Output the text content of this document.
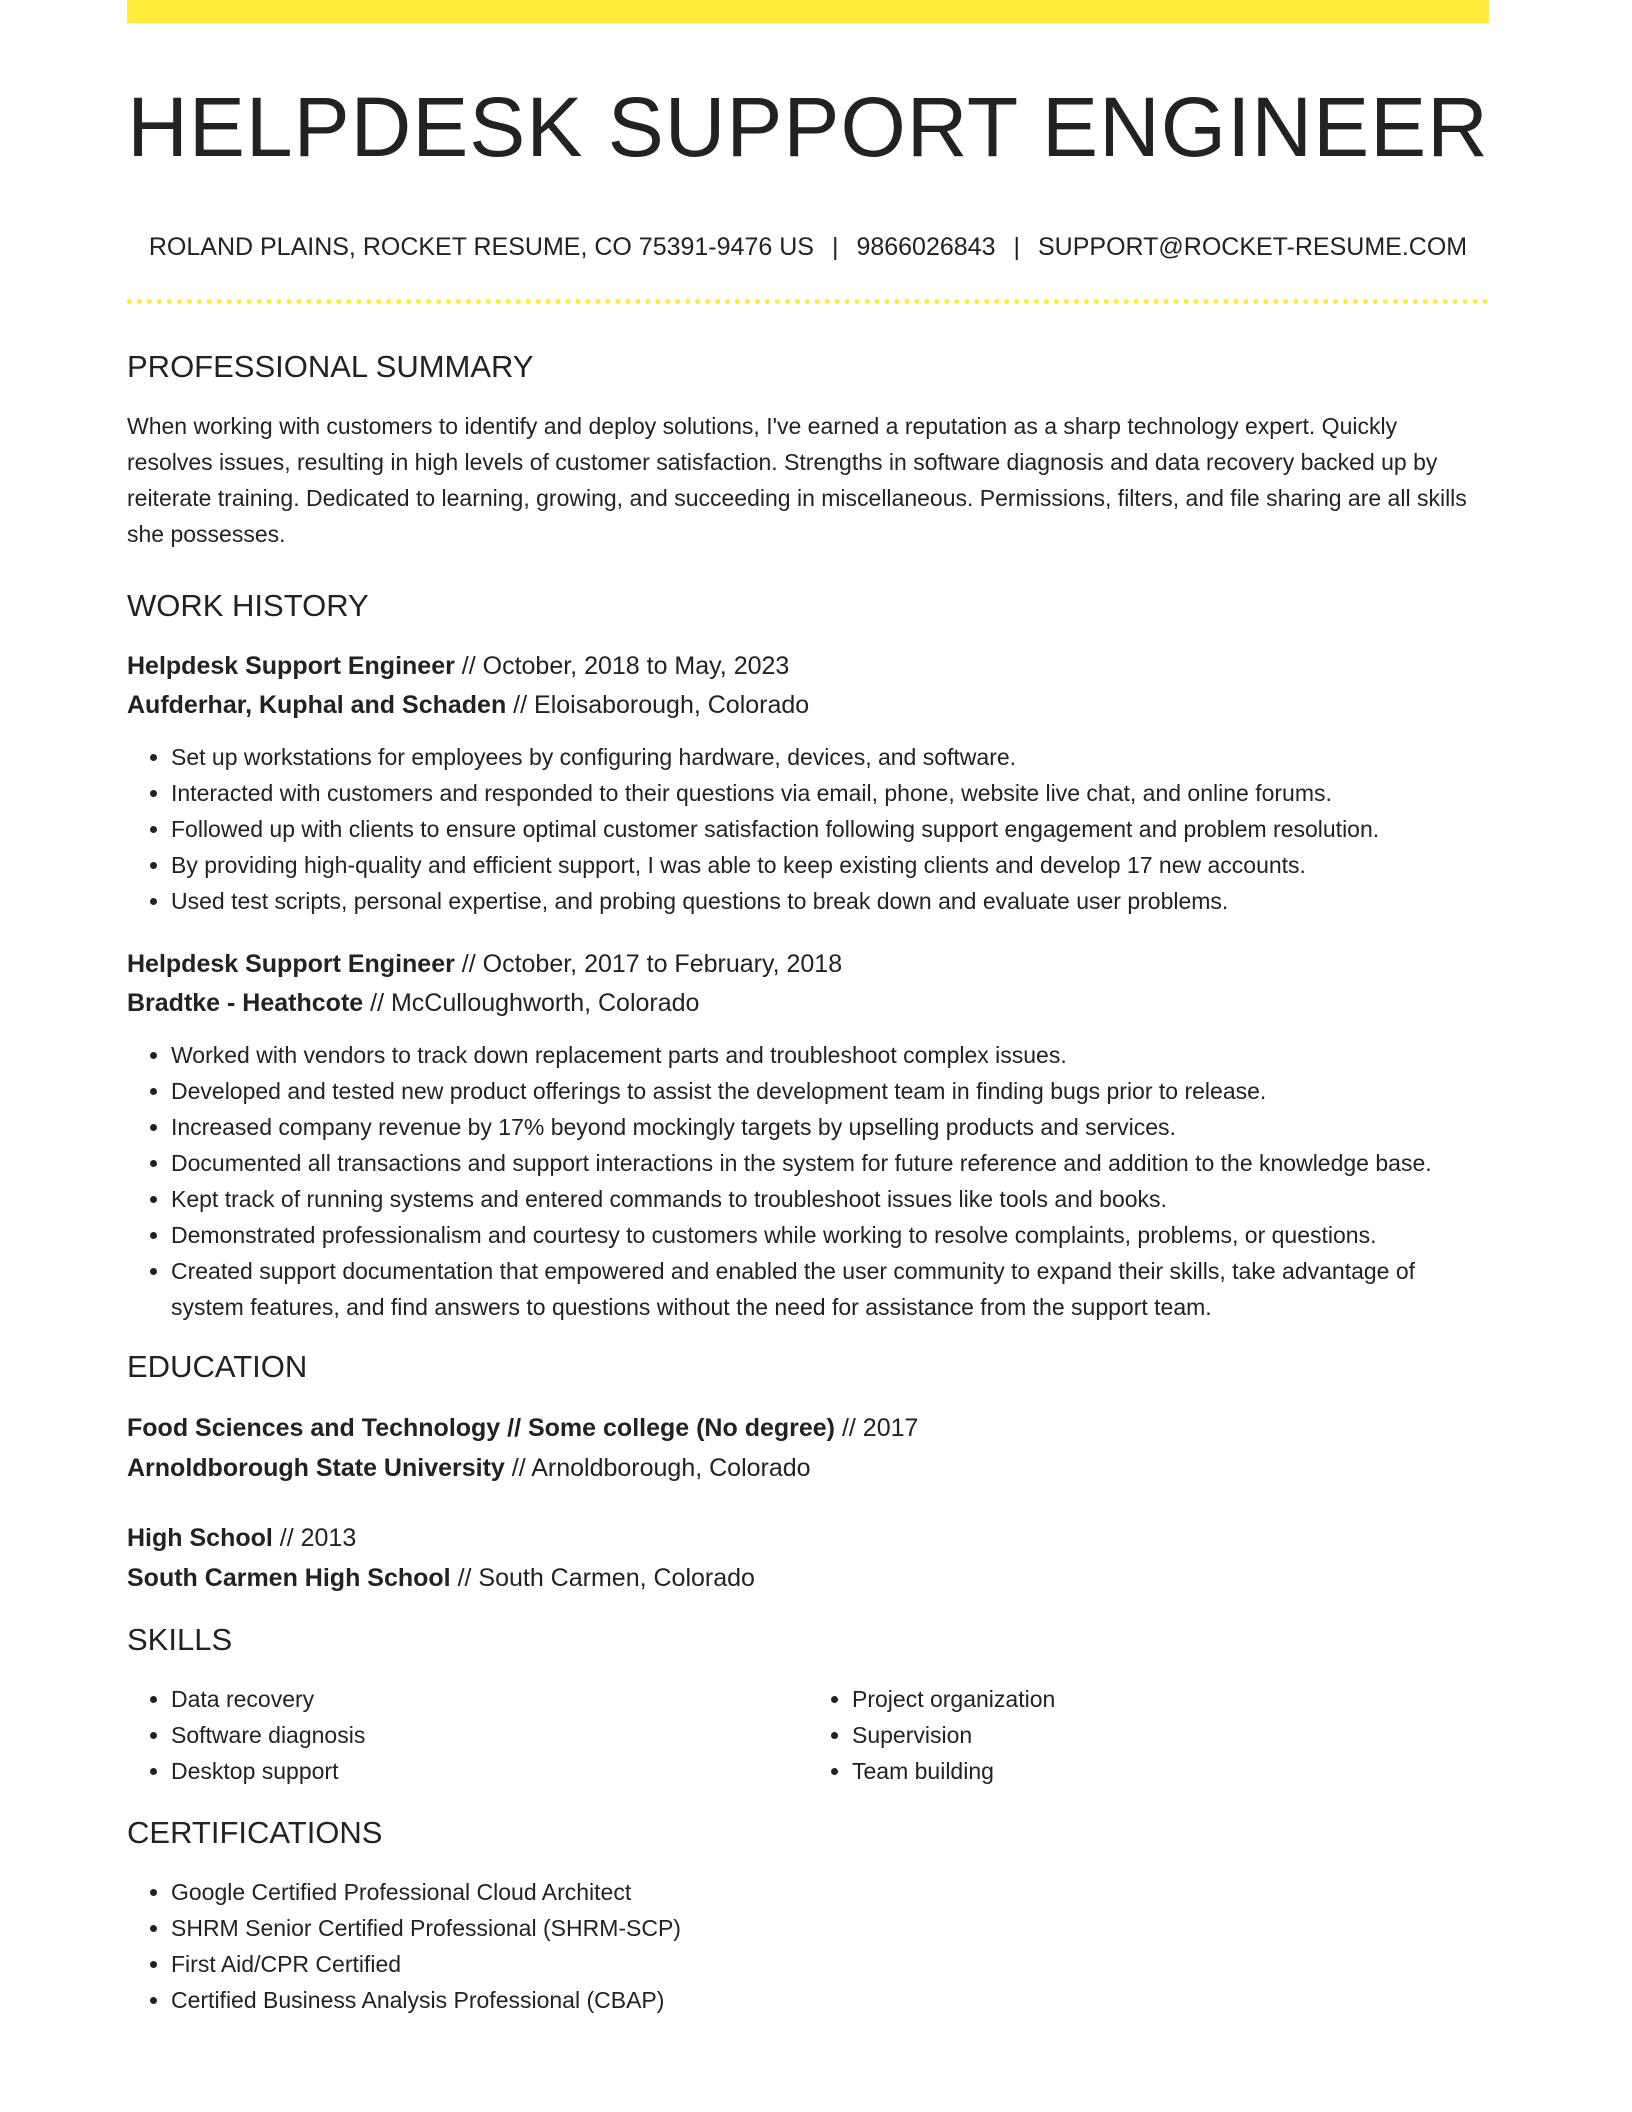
HELPDESK SUPPORT ENGINEER
ROLAND PLAINS, ROCKET RESUME, CO 75391-9476 US | 9866026843 | SUPPORT@ROCKET-RESUME.COM
PROFESSIONAL SUMMARY

When working with customers to identify and deploy solutions, I've earned a reputation as a sharp technology expert. Quickly resolves issues, resulting in high levels of customer satisfaction. Strengths in software diagnosis and data recovery backed up by reiterate training. Dedicated to learning, growing, and succeeding in miscellaneous. Permissions, filters, and file sharing are all skills she possesses.

WORK HISTORY
Helpdesk Support Engineer // October, 2018 to May, 2023
Aufderhar, Kuphal and Schaden // Eloisaborough, Colorado
• Set up workstations for employees by configuring hardware, devices, and software.
• Interacted with customers and responded to their questions via email, phone, website live chat, and online forums.
• Followed up with clients to ensure optimal customer satisfaction following support engagement and problem resolution.
• By providing high-quality and efficient support, I was able to keep existing clients and develop 17 new accounts.
• Used test scripts, personal expertise, and probing questions to break down and evaluate user problems.
Helpdesk Support Engineer // October, 2017 to February, 2018
Bradtke - Heathcote // McCulloughworth, Colorado
• Worked with vendors to track down replacement parts and troubleshoot complex issues.
• Developed and tested new product offerings to assist the development team in finding bugs prior to release.
• Increased company revenue by 17% beyond mockingly targets by upselling products and services.
• Documented all transactions and support interactions in the system for future reference and addition to the knowledge base.
• Kept track of running systems and entered commands to troubleshoot issues like tools and books.
• Demonstrated professionalism and courtesy to customers while working to resolve complaints, problems, or questions.
• Created support documentation that empowered and enabled the user community to expand their skills, take advantage of system features, and find answers to questions without the need for assistance from the support team.
EDUCATION
Food Sciences and Technology // Some college (No degree) // 2017
Arnoldborough State University // Arnoldborough, Colorado
High School // 2013
South Carmen High School // South Carmen, Colorado
SKILLS
• Data recovery
• Software diagnosis
• Desktop support
• Project organization
• Supervision
• Team building
CERTIFICATIONS
• Google Certified Professional Cloud Architect
• SHRM Senior Certified Professional (SHRM-SCP)
• First Aid/CPR Certified
• Certified Business Analysis Professional (CBAP)
